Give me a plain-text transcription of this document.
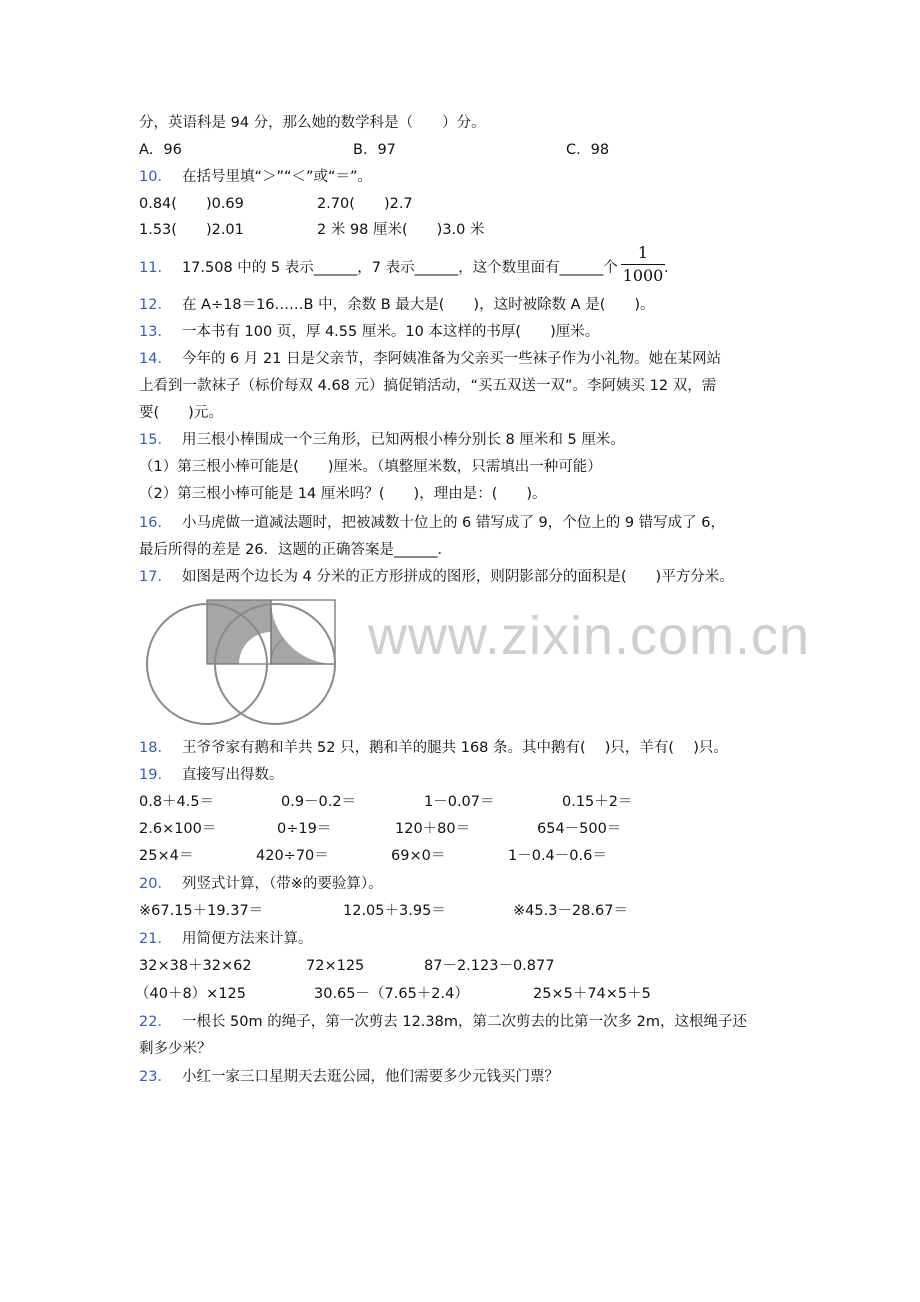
分，英语科是 94 分，那么她的数学科是（　　）分。
A．96	B．97	C．98
10． 在括号里填“＞”“＜”或“＝”。
0.84(　　)0.69	2.70(　　)2.7
1.53(　　)2.01	2 米 98 厘米(　　)3.0 米
11． 17.508 中的 5 表示______，7 表示______，这个数里面有______个
1
1000 .
12． 在 A÷18＝16……B 中，余数 B 最大是(　　)，这时被除数 A 是(　　)。
13． 一本书有 100 页，厚 4.55 厘米。10 本这样的书厚(　　)厘米。
14． 今年的 6 月 21 日是父亲节，李阿姨准备为父亲买一些袜子作为小礼物。她在某网站
上看到一款袜子（标价每双 4.68 元）搞促销活动，“买五双送一双”。李阿姨买 12 双，需
要(　　)元。
15． 用三根小棒围成一个三角形，已知两根小棒分别长 8 厘米和 5 厘米。
（1）第三根小棒可能是(　　)厘米。（填整厘米数，只需填出一种可能）
（2）第三根小棒可能是 14 厘米吗？(　　)，理由是：(　　)。
16． 小马虎做一道减法题时，把被减数十位上的 6 错写成了 9，个位上的 9 错写成了 6，
最后所得的差是 26．这题的正确答案是______．
17． 如图是两个边长为 4 分米的正方形拼成的图形，则阴影部分的面积是(　　)平方分米。
www.zixin.com.cn
18． 王爷爷家有鹅和羊共 52 只，鹅和羊的腿共 168 条。其中鹅有(　 )只，羊有(　 )只。
19． 直接写出得数。
0.8＋4.5＝	0.9－0.2＝	1－0.07＝	0.15＋2＝
2.6×100＝	0÷19＝	120＋80＝	654－500＝
25×4＝	420÷70＝	69×0＝	1－0.4－0.6＝
20． 列竖式计算，（带※的要验算）。
※67.15＋19.37＝	12.05＋3.95＝	※45.3－28.67＝
21． 用简便方法来计算。
32×38＋32×62	72×125	87－2.123－0.877
（40＋8）×125	30.65－（7.65＋2.4）	25×5＋74×5＋5
22． 一根长 50m 的绳子，第一次剪去 12.38m，第二次剪去的比第一次多 2m，这根绳子还
剩多少米？
23． 小红一家三口星期天去逛公园，他们需要多少元钱买门票？
